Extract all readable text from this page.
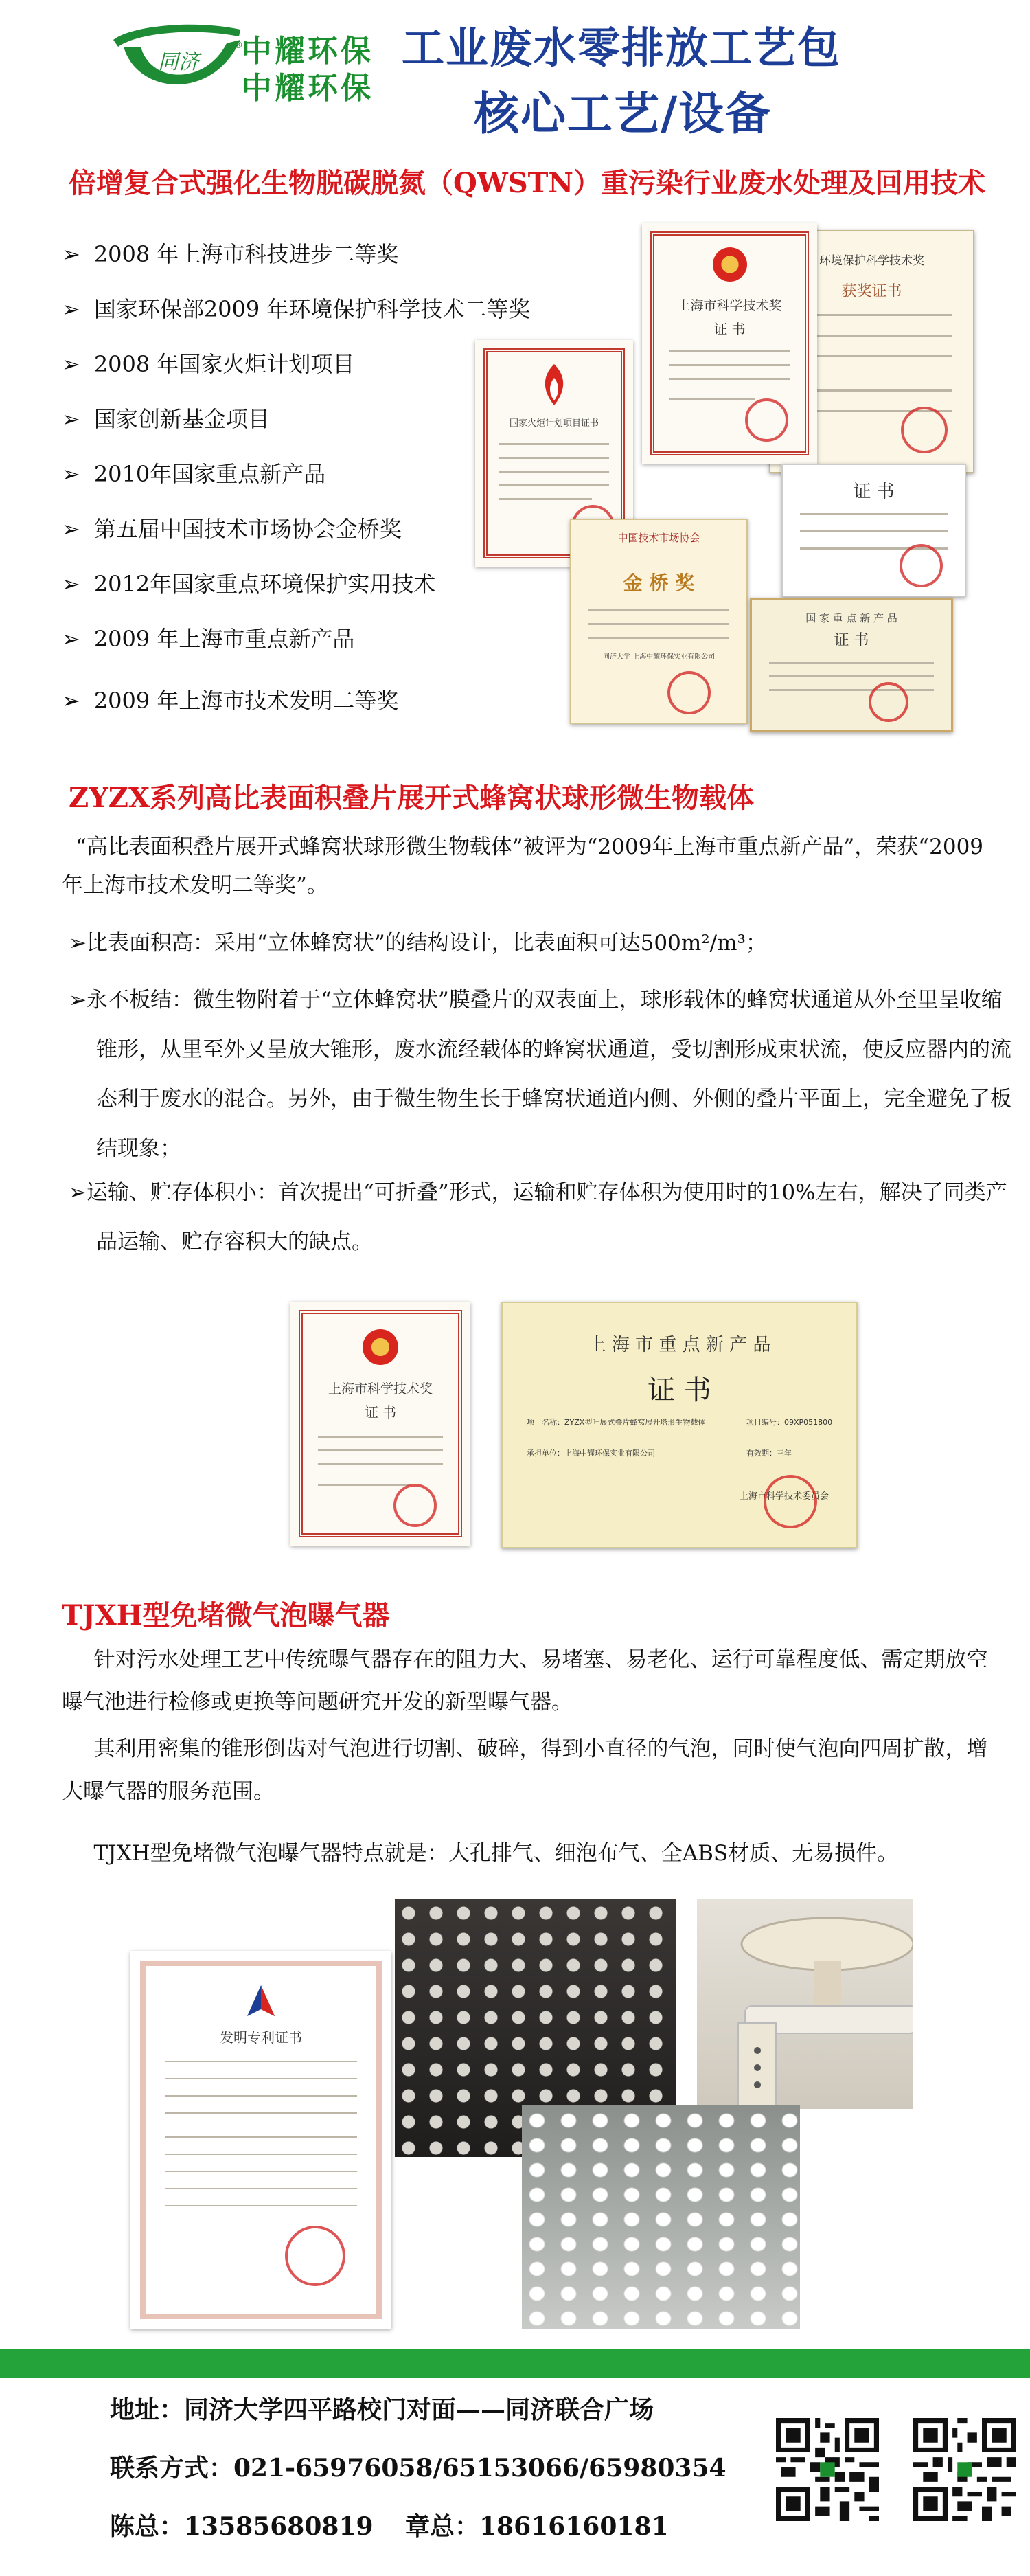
同济
®
中耀环保
中耀环保
工业废水零排放工艺包
核心工艺/设备
倍增复合式强化生物脱碳脱氮（QWSTN）重污染行业废水处理及回用技术
➢ 2008 年上海市科技进步二等奖
➢ 国家环保部2009 年环境保护科学技术二等奖
➢ 2008 年国家火炬计划项目
➢ 国家创新基金项目
➢ 2010年国家重点新产品
➢ 第五届中国技术市场协会金桥奖
➢ 2012年国家重点环境保护实用技术
➢ 2009 年上海市重点新产品
➢ 2009 年上海市技术发明二等奖
环境保护科学技术奖
获奖证书
上海市科学技术奖
证 书
国家火炬计划项目证书
证 书
中国技术市场协会
金 桥 奖
同济大学 上海中耀环保实业有限公司
国 家 重 点 新 产 品
证 书
ZYZX系列高比表面积叠片展开式蜂窝状球形微生物载体
“高比表面积叠片展开式蜂窝状球形微生物载体”被评为“2009年上海市重点新产品”，荣获“2009 年上海市技术发明二等奖”。
➢比表面积高：采用“立体蜂窝状”的结构设计，比表面积可达500m²/m³；
➢永不板结：微生物附着于“立体蜂窝状”膜叠片的双表面上，球形载体的蜂窝状通道从外至里呈收缩锥形，从里至外又呈放大锥形，废水流经载体的蜂窝状通道，受切割形成束状流，使反应器内的流态利于废水的混合。另外，由于微生物生长于蜂窝状通道内侧、外侧的叠片平面上，完全避免了板结现象；
➢运输、贮存体积小：首次提出“可折叠”形式，运输和贮存体积为使用时的10%左右，解决了同类产品运输、贮存容积大的缺点。
上海市科学技术奖
证 书
上 海 市 重 点 新 产 品
证 书
项目名称：ZYZX型叶展式叠片蜂窝展开塔形生物载体	项目编号：09XP051800
承担单位：上海中耀环保实业有限公司	有效期：三年
上海市科学技术委员会
TJXH型免堵微气泡曝气器
针对污水处理工艺中传统曝气器存在的阻力大、易堵塞、易老化、运行可靠程度低、需定期放空曝气池进行检修或更换等问题研究开发的新型曝气器。
其利用密集的锥形倒齿对气泡进行切割、破碎，得到小直径的气泡，同时使气泡向四周扩散，增大曝气器的服务范围。
TJXH型免堵微气泡曝气器特点就是：大孔排气、细泡布气、全ABS材质、无易损件。
发明专利证书
地址：同济大学四平路校门对面——同济联合广场
联系方式：021-65976058/65153066/65980354
陈总：13585680819 章总：18616160181
